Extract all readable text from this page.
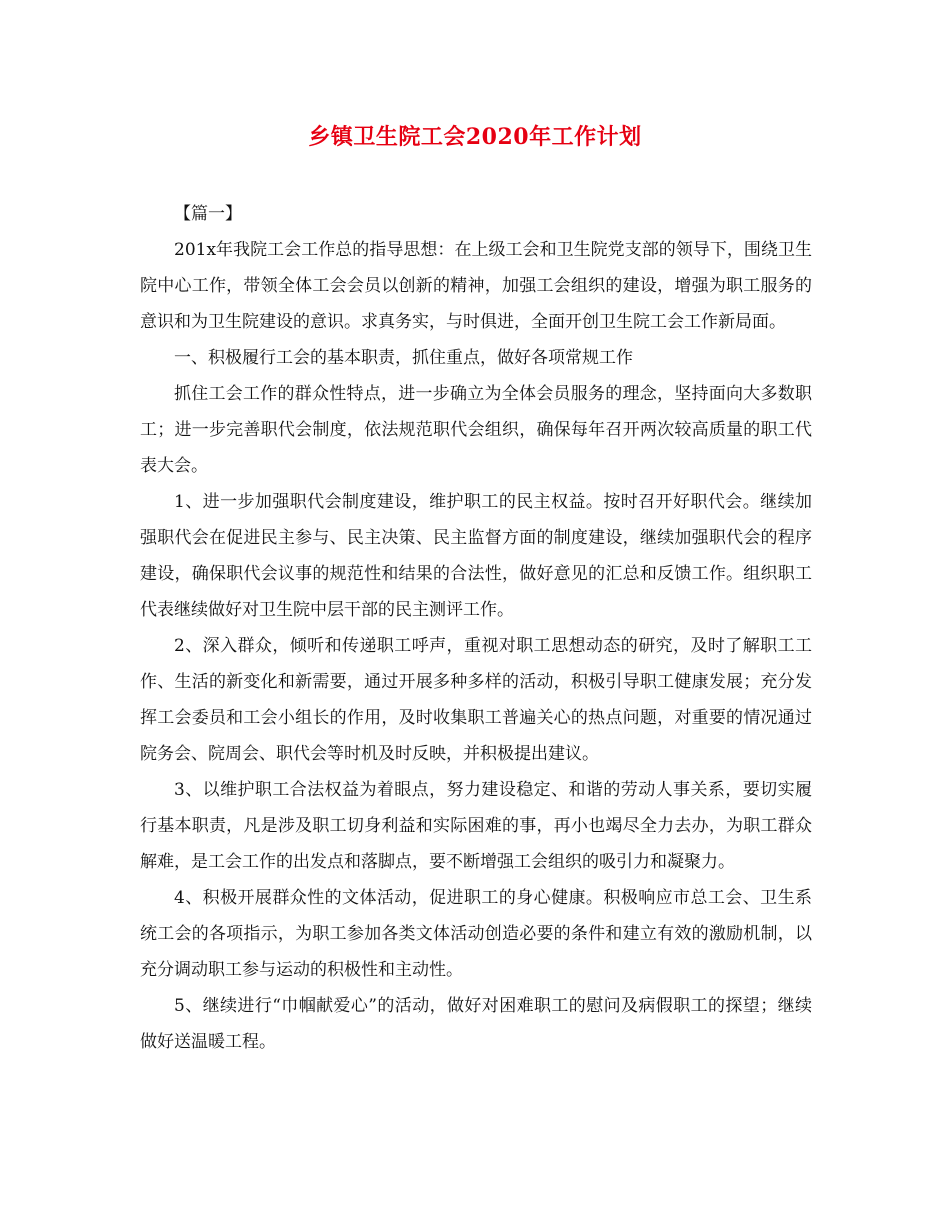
乡镇卫生院工会2020年工作计划

【篇一】

201x年我院工会工作总的指导思想：在上级工会和卫生院党支部的领导下，围绕卫生院中心工作，带领全体工会会员以创新的精神，加强工会组织的建设，增强为职工服务的意识和为卫生院建设的意识。求真务实，与时俱进，全面开创卫生院工会工作新局面。

一、积极履行工会的基本职责，抓住重点，做好各项常规工作

抓住工会工作的群众性特点，进一步确立为全体会员服务的理念，坚持面向大多数职工；进一步完善职代会制度，依法规范职代会组织，确保每年召开两次较高质量的职工代表大会。

1、进一步加强职代会制度建设，维护职工的民主权益。按时召开好职代会。继续加强职代会在促进民主参与、民主决策、民主监督方面的制度建设，继续加强职代会的程序建设，确保职代会议事的规范性和结果的合法性，做好意见的汇总和反馈工作。组织职工代表继续做好对卫生院中层干部的民主测评工作。

2、深入群众，倾听和传递职工呼声，重视对职工思想动态的研究，及时了解职工工作、生活的新变化和新需要，通过开展多种多样的活动，积极引导职工健康发展；充分发挥工会委员和工会小组长的作用，及时收集职工普遍关心的热点问题，对重要的情况通过院务会、院周会、职代会等时机及时反映，并积极提出建议。

3、以维护职工合法权益为着眼点，努力建设稳定、和谐的劳动人事关系，要切实履行基本职责，凡是涉及职工切身利益和实际困难的事，再小也竭尽全力去办，为职工群众解难，是工会工作的出发点和落脚点，要不断增强工会组织的吸引力和凝聚力。

4、积极开展群众性的文体活动，促进职工的身心健康。积极响应市总工会、卫生系统工会的各项指示，为职工参加各类文体活动创造必要的条件和建立有效的激励机制，以充分调动职工参与运动的积极性和主动性。

5、继续进行“巾帼献爱心”的活动，做好对困难职工的慰问及病假职工的探望；继续做好送温暖工程。
